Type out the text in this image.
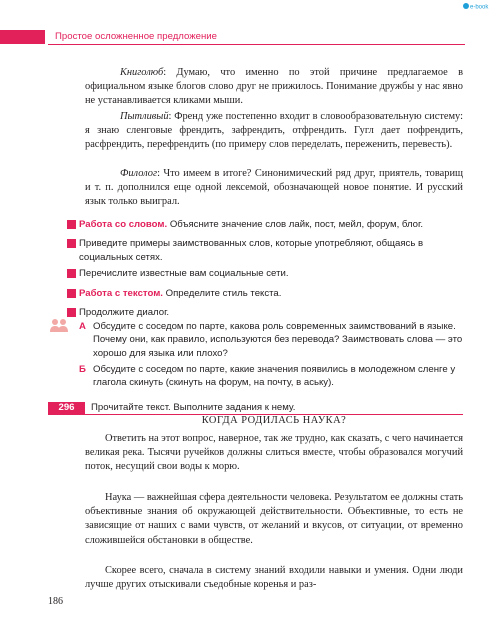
e-book
Простое осложненное предложение

Книголюб: Думаю, что именно по этой причине предлагаемое в официальном языке блогов слово друг не прижилось. Понимание дружбы у нас явно не устанавливается кликами мыши.

Пытливый: Френд уже постепенно входит в словообразовательную систему: я знаю сленговые френдить, зафрендить, отфрендить. Гугл дает пофрендить, расфрендить, перефрендить (по примеру слов переделать, переженить, перевесть).

Филолог: Что имеем в итоге? Синонимический ряд друг, приятель, товарищ и т. п. дополнился еще одной лексемой, обозначающей новое понятие. И русский язык только выиграл.

Работа со словом. Объясните значение слов лайк, пост, мейл, форум, блог.
Приведите примеры заимствованных слов, которые употребляют, общаясь в социальных сетях.
Перечислите известные вам социальные сети.
Работа с текстом. Определите стиль текста.
Продолжите диалог.
А Обсудите с соседом по парте, какова роль современных заимствований в языке. Почему они, как правило, используются без перевода? Заимствовать слова — это хорошо для языка или плохо?
Б Обсудите с соседом по парте, какие значения появились в молодежном сленге у глагола скинуть (скинуть на форум, на почту, в аську).
296	Прочитайте текст. Выполните задания к нему.
КОГДА РОДИЛАСЬ НАУКА?

Ответить на этот вопрос, наверное, так же трудно, как сказать, с чего начинается великая река. Тысячи ручейков должны слиться вместе, чтобы образовался могучий поток, несущий свои воды к морю.

Наука — важнейшая сфера деятельности человека. Результатом ее должны стать объективные знания об окружающей действительности. Объективные, то есть не зависящие от наших с вами чувств, от желаний и вкусов, от ситуации, от временно сложившейся обстановки в обществе.

Скорее всего, сначала в систему знаний входили навыки и умения. Одни люди лучше других отыскивали съедобные коренья и раз-

186
